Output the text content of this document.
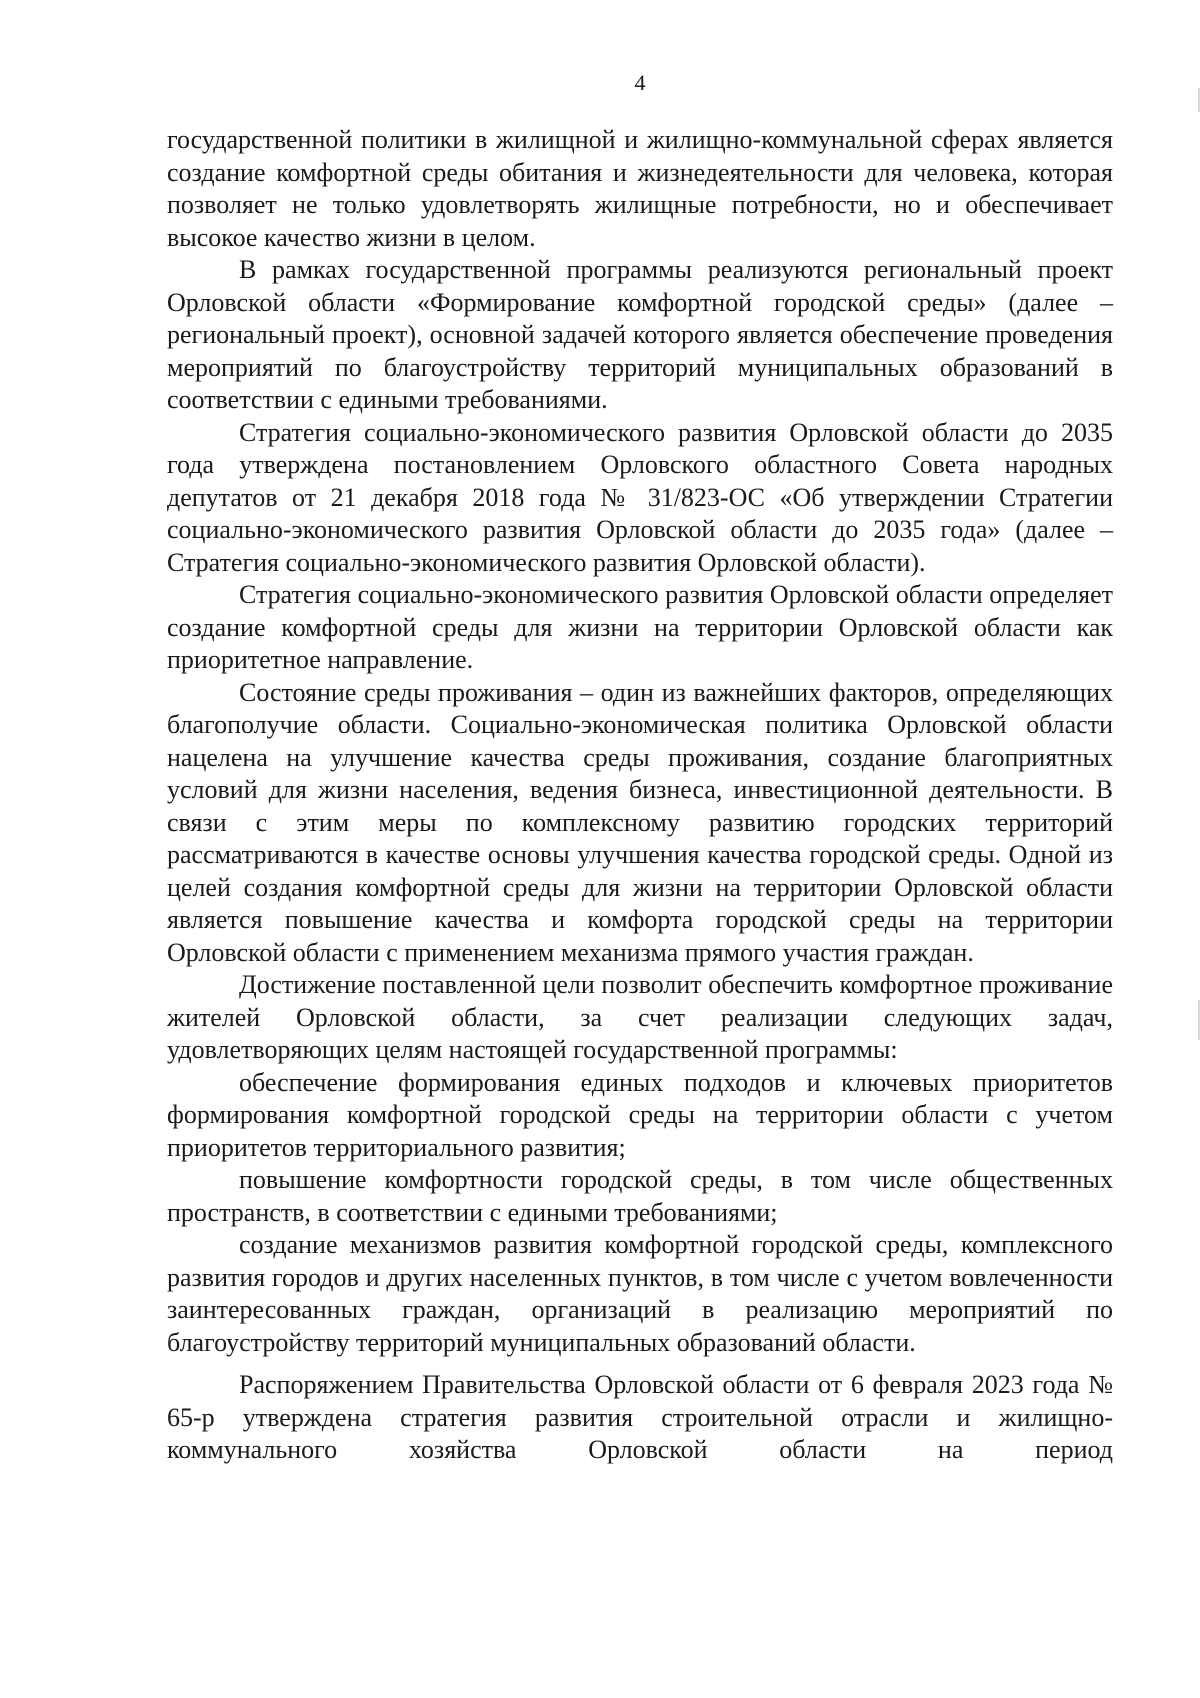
4

государственной политики в жилищной и жилищно-коммунальной сферах является создание комфортной среды обитания и жизнедеятельности для человека, которая позволяет не только удовлетворять жилищные потребности, но и обеспечивает высокое качество жизни в целом.

В рамках государственной программы реализуются региональный проект Орловской области «Формирование комфортной городской среды» (далее – региональный проект), основной задачей которого является обеспечение проведения мероприятий по благоустройству территорий муниципальных образований в соответствии с едиными требованиями.

Стратегия социально-экономического развития Орловской области до 2035 года утверждена постановлением Орловского областного Совета народных депутатов от 21 декабря 2018 года № 31/823-ОС «Об утверждении Стратегии социально-экономического развития Орловской области до 2035 года» (далее – Стратегия социально-экономического развития Орловской области).

Стратегия социально-экономического развития Орловской области определяет создание комфортной среды для жизни на территории Орловской области как приоритетное направление.

Состояние среды проживания – один из важнейших факторов, определяющих благополучие области. Социально-экономическая политика Орловской области нацелена на улучшение качества среды проживания, создание благоприятных условий для жизни населения, ведения бизнеса, инвестиционной деятельности. В связи с этим меры по комплексному развитию городских территорий рассматриваются в качестве основы улучшения качества городской среды. Одной из целей создания комфортной среды для жизни на территории Орловской области является повышение качества и комфорта городской среды на территории Орловской области с применением механизма прямого участия граждан.

Достижение поставленной цели позволит обеспечить комфортное проживание жителей Орловской области, за счет реализации следующих задач, удовлетворяющих целям настоящей государственной программы:

обеспечение формирования единых подходов и ключевых приоритетов формирования комфортной городской среды на территории области с учетом приоритетов территориального развития;

повышение комфортности городской среды, в том числе общественных пространств, в соответствии с едиными требованиями;

создание механизмов развития комфортной городской среды, комплексного развития городов и других населенных пунктов, в том числе с учетом вовлеченности заинтересованных граждан, организаций в реализацию мероприятий по благоустройству территорий муниципальных образований области.

Распоряжением Правительства Орловской области от 6 февраля 2023 года № 65-р утверждена стратегия развития строительной отрасли и жилищно-коммунального хозяйства Орловской области на период
